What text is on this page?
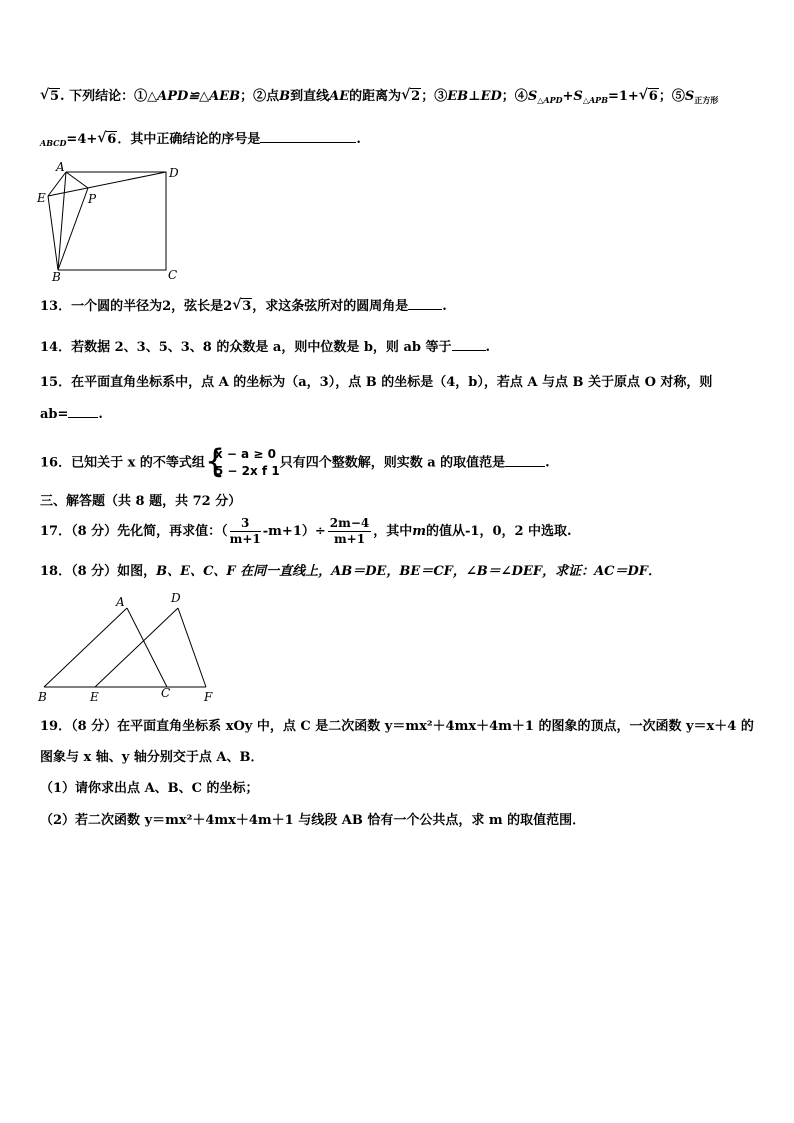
√ 5. 下列结论：①△APD≌△AEB；②点B到直线AE的距离为√ 2；③EB⊥ED；$④S_{\triangle APD}+S_{\triangle APB}=1+√$ 6；$⑤S_{正方形}$
$_{ABCD}$=4+√ 6．其中正确结论的序号是	.
A	D
E	P
B	C
13．一个圆的半径为2，弦长是2√ 3，求这条弦所对的圆周角是	.
14．若数据 2、3、5、3、8 的众数是 a，则中位数是 b，则 ab 等于	.
15．在平面直角坐标系中，点 A 的坐标为（a，3），点 B 的坐标是（4，b），若点 A 与点 B 关于原点 O 对称，则
ab= .
16．已知关于 x 的不等式组 {
x − a ≥ 0
5 − 2x f 1
只有四个整数解，则实数 a 的取值范是	.
三、解答题（共 8 题，共 72 分）
17．（8 分）先化简，再求值：（ $\frac{3}{m+1} -m+1)\div \frac{2m-4}{m+1}$ ，其中m的值从-1，0，2 中选取.
18．（8 分）如图，B、E、C、F 在同一直线上，AB＝DE，BE＝CF，∠B＝∠DEF，求证：AC＝DF．
A	D
B	E	C	F
19．（8 分）在平面直角坐标系 xOy 中，点 C 是二次函数 y＝mx²＋4mx＋4m＋1 的图象的顶点，一次函数 y＝x＋4 的
图象与 x 轴、y 轴分别交于点 A、B．
（1）请你求出点 A、B、C 的坐标；
（2）若二次函数 y＝mx²＋4mx＋4m＋1 与线段 AB 恰有一个公共点，求 m 的取值范围．
